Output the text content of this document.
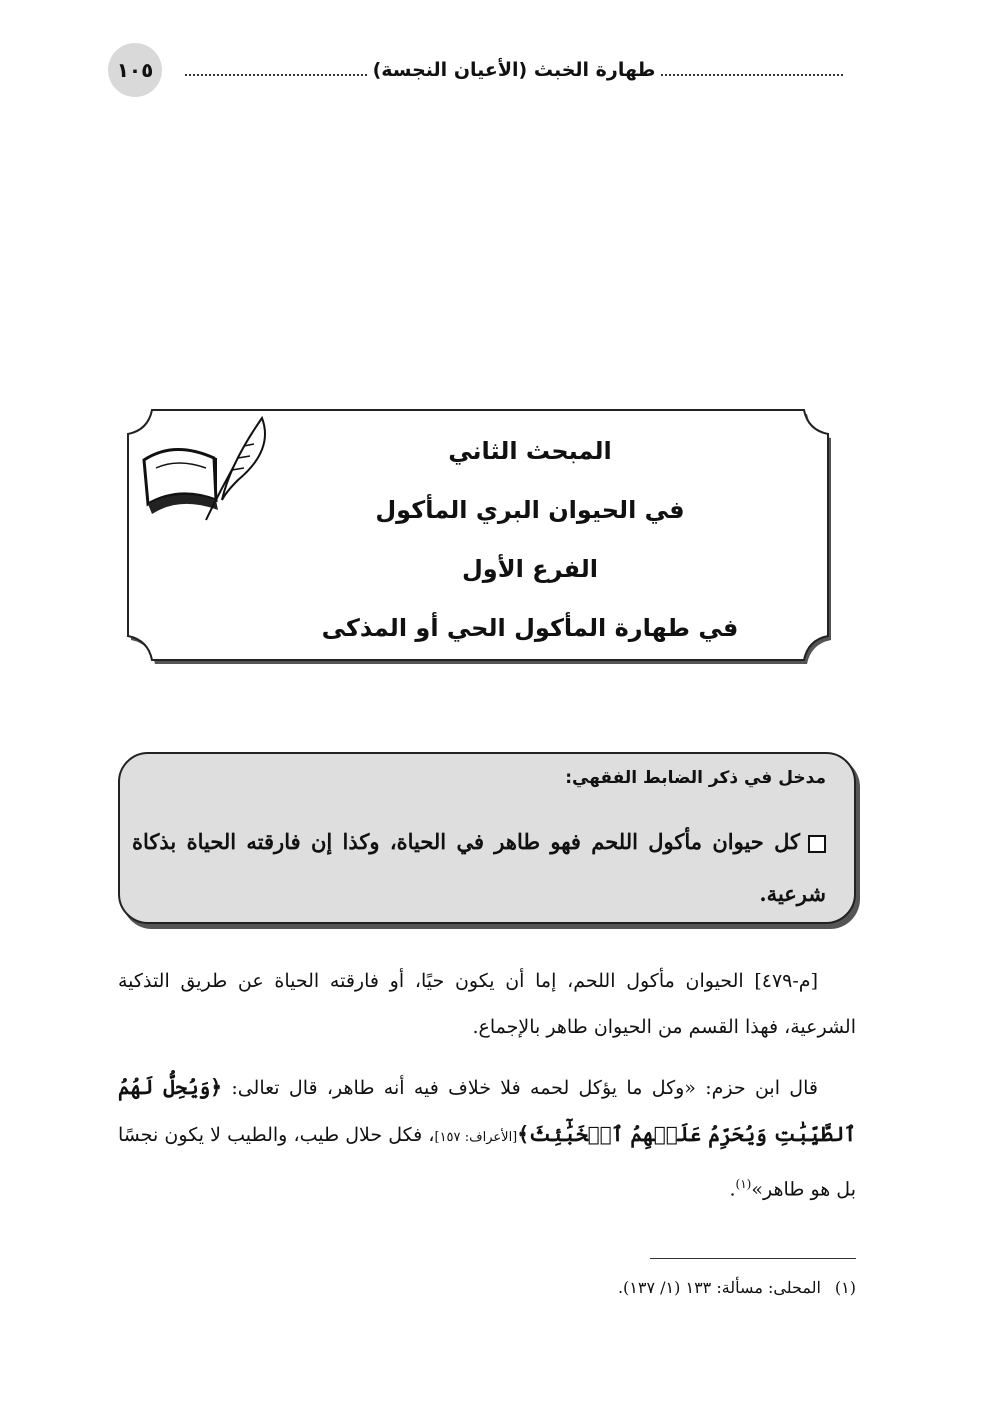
١٠٥	طهارة الخبث (الأعيان النجسة)
المبحث الثاني
في الحيوان البري المأكول
الفرع الأول
في طهارة المأكول الحي أو المذكى
مدخل في ذكر الضابط الفقهي:
كل حيوان مأكول اللحم فهو طاهر في الحياة، وكذا إن فارقته الحياة بذكاة شرعية.
[م-٤٧٩] الحيوان مأكول اللحم، إما أن يكون حيًا، أو فارقته الحياة عن طريق التذكية الشرعية، فهذا القسم من الحيوان طاهر بالإجماع.
قال ابن حزم: «وكل ما يؤكل لحمه فلا خلاف فيه أنه طاهر، قال تعالى: ﴿وَيُحِلُّ لَهُمُ ٱلطَّيِّبَٰتِ وَيُحَرِّمُ عَلَيۡهِمُ ٱلۡخَبَٰٓئِثَ﴾[الأعراف: ١٥٧]، فكل حلال طيب، والطيب لا يكون نجسًا بل هو طاهر»$^{(١)}$.
(١)المحلى: مسألة: ١٣٣ (١/ ١٣٧).
